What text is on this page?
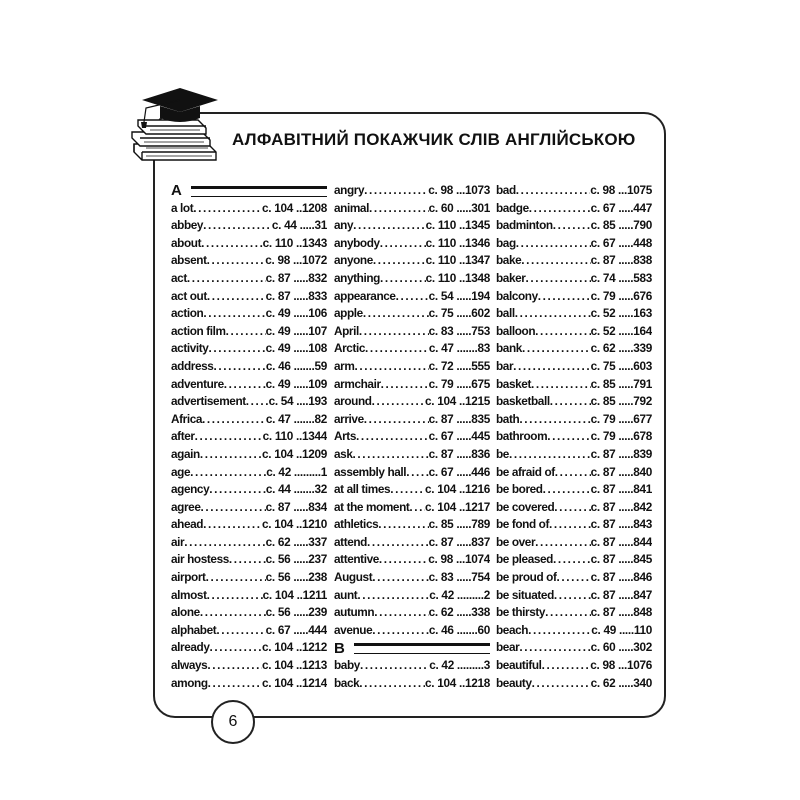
АЛФАВІТНИЙ ПОКАЖЧИК СЛІВ АНГЛІЙСЬКОЮ
A
a lot .....	c. 104 ..1208
abbey .....	c. 44 .....31
about .....	c. 110 ..1343
absent .....	c. 98 ...1072
act .....	c. 87 .....832
act out .....	c. 87 .....833
action .....	c. 49 .....106
action film .....	c. 49 .....107
activity .....	c. 49 .....108
address .....	c. 46 .......59
adventure .....	c. 49 .....109
advertisement ..... c. 54 ....193
Africa .....	c. 47 .......82
after .....	c. 110 ..1344
again .....	c. 104 ..1209
age .....	c. 42 .........1
agency .....	c. 44 .......32
agree .....	c. 87 .....834
ahead .....	c. 104 ..1210
air .....	c. 62 .....337
air hostess .....	c. 56 .....237
airport .....	c. 56 .....238
almost .....	c. 104 ..1211
alone .....	c. 56 .....239
alphabet .....	c. 67 .....444
already .....	c. 104 ..1212
always .....	c. 104 ..1213
among .....	c. 104 ..1214
angry .....	c. 98 ...1073
animal .....	c. 60 .....301
any .....	c. 110 ..1345
anybody .....	c. 110 ..1346
anyone .....	c. 110 ..1347
anything .....	c. 110 ..1348
appearance .....	c. 54 .....194
apple .....	c. 75 .....602
April .....	c. 83 .....753
Arctic .....	c. 47 .......83
arm .....	c. 72 .....555
armchair .....	c. 79 .....675
around .....	c. 104 ..1215
arrive .....	c. 87 .....835
Arts .....	c. 67 .....445
ask .....	c. 87 .....836
assembly hall ..... c. 67 .....446
at all times .....	c. 104 ..1216
at the moment ..... c. 104 ..1217
athletics .....	c. 85 .....789
attend .....	c. 87 .....837
attentive .....	c. 98 ...1074
August .....	c. 83 .....754
aunt .....	c. 42 .........2
autumn .....	c. 62 .....338
avenue .....	c. 46 .......60
B
baby .....	c. 42 .........3
back .....	c. 104 ..1218
bad .....	c. 98 ...1075
badge .....	c. 67 .....447
badminton .....	c. 85 .....790
bag .....	c. 67 .....448
bake .....	c. 87 .....838
baker .....	c. 74 .....583
balcony .....	c. 79 .....676
ball .....	c. 52 .....163
balloon .....	c. 52 .....164
bank .....	c. 62 .....339
bar .....	c. 75 .....603
basket .....	c. 85 .....791
basketball .....	c. 85 .....792
bath .....	c. 79 .....677
bathroom .....	c. 79 .....678
be .....	c. 87 .....839
be afraid of .....	c. 87 .....840
be bored .....	c. 87 .....841
be covered .....	c. 87 .....842
be fond of .....	c. 87 .....843
be over .....	c. 87 .....844
be pleased .....	c. 87 .....845
be proud of .....	c. 87 .....846
be situated .....	c. 87 .....847
be thirsty .....	c. 87 .....848
beach .....	c. 49 .....110
bear .....	c. 60 .....302
beautiful .....	c. 98 ...1076
beauty .....	c. 62 .....340
6
